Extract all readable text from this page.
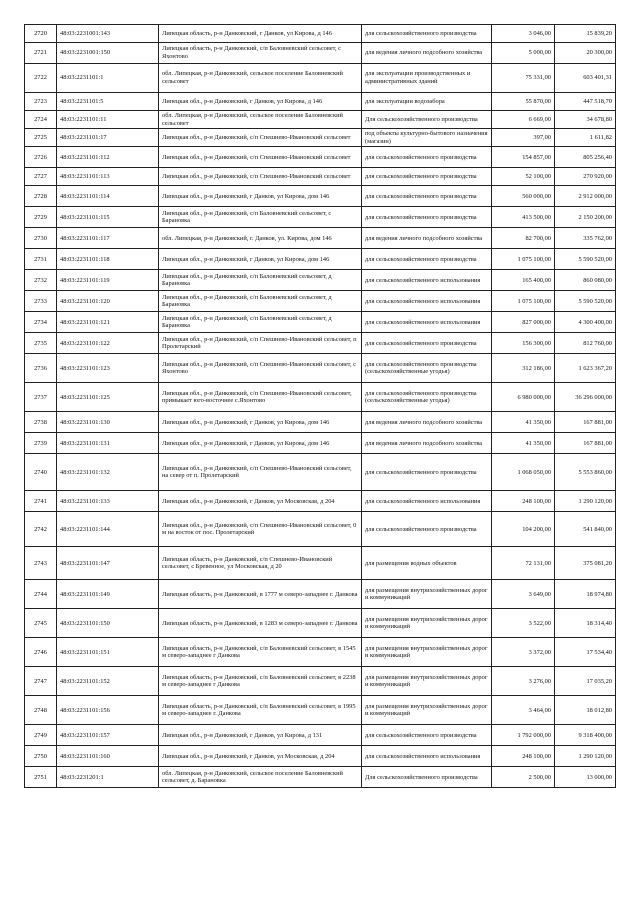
2720	48:03:2231001:143	Липецкая область, р-н Данковский, г Данков, ул Кирова, д 146	для сельскохозяйственного производства	3 046,00	15 839,20
2721	48:03:2231001:150	Липецкая область, р-н Данковский, с/п Баловневский сельсовет, с Яхонтово	для ведения личного подсобного хозяйства	5 000,00	20 300,00
2722	48:03:2231101:1	обл. Липецкая, р-н Данковский, сельское поселение Баловневский сельсовет	для эксплуатации производственных и административных зданий	75 331,00	603 401,31
2723	48:03:2231101:5	Липецкая обл., р-н Данковский, г Данков, ул Кирова, д 146	для эксплуатации водозабора	55 870,00	447 518,70
2724	48:03:2231101:11	обл. Липецкая, р-н Данковский, сельское поселение Баловневский сельсовет	Для сельскохозяйственного производства	6 669,00	34 678,80
2725	48:03:2231101:17	Липецкая обл., р-н Данковский, с/п Спешнево-Ивановский сельсовет	под объекты культурно-бытового назначения (магазин)	397,00	1 611,82
2726	48:03:2231101:112	Липецкая обл., р-н Данковский, с/п Спешнево-Ивановский сельсовет	для сельскохозяйственного производства	154 857,00	805 256,40
2727	48:03:2231101:113	Липецкая обл., р-н Данковский, с/п Спешнево-Ивановский сельсовет	для сельскохозяйственного производства	52 100,00	270 920,00
2728	48:03:2231101:114	Липецкая обл., р-н Данковский, г Данков, ул Кирова, дом 146	для сельскохозяйственного производства	560 000,00	2 912 000,00
2729	48:03:2231101:115	Липецкая обл., р-н Данковский, с/п Баловневский сельсовет, с Барановка	для сельскохозяйственного производства	413 500,00	2 150 200,00
2730	48:03:2231101:117	обл. Липецкая, р-н Данковский, г. Данков, ул. Кирова, дом 146	для ведения личного подсобного хозяйства	82 700,00	335 762,00
2731	48:03:2231101:118	Липецкая обл., р-н Данковский, г Данков, ул Кирова, дом 146	для сельскохозяйственного производства	1 075 100,00	5 590 520,00
2732	48:03:2231101:119	Липецкая обл., р-н Данковский, с/п Баловневский сельсовет, д Барановка	для сельскохозяйственного использования	165 400,00	860 080,00
2733	48:03:2231101:120	Липецкая обл., р-н Данковский, с/п Баловневский сельсовет, д Барановка	для сельскохозяйственного использования	1 075 100,00	5 590 520,00
2734	48:03:2231101:121	Липецкая обл., р-н Данковский, с/п Баловневский сельсовет, д Барановка	для сельскохозяйственного использования	827 000,00	4 300 400,00
2735	48:03:2231101:122	Липецкая обл., р-н Данковский, с/п Спешнево-Ивановский сельсовет, п Пролетарский	для сельскохозяйственного производства	156 300,00	812 760,00
2736	48:03:2231101:123	Липецкая обл., р-н Данковский, с/п Спешнево-Ивановский сельсовет, с Яхонтово	для сельскохозяйственного производства (сельскохозяйственные угодья)	312 186,00	1 623 367,20
2737	48:03:2231101:125	Липецкая обл., р-н Данковский, с/п Спешнево-Ивановский сельсовет, примыкает юго-восточнее с.Яхонтово	для сельскохозяйственного производства (сельскохозяйственные угодья)	6 980 000,00	36 296 000,00
2738	48:03:2231101:130	Липецкая обл., р-н Данковский, г Данков, ул Кирова, дом 146	для ведения личного подсобного хозяйства	41 350,00	167 881,00
2739	48:03:2231101:131	Липецкая обл., р-н Данковский, г Данков, ул Кирова, дом 146	для ведения личного подсобного хозяйства	41 350,00	167 881,00
2740	48:03:2231101:132	Липецкая обл., р-н Данковский, с/п Спешнево-Ивановский сельсовет, на север от п. Пролетарский	для сельскохозяйственного производства	1 068 050,00	5 553 860,00
2741	48:03:2231101:133	Липецкая обл., р-н Данковский, г Данков, ул Московская, д 204	для сельскохозяйственного использования	248 100,00	1 290 120,00
2742	48:03:2231101:144	Липецкая обл., р-н Данковский, с/п Спешнево-Ивановский сельсовет, 0 м на восток от пос. Пролетарский	для сельскохозяйственного производства	104 200,00	541 840,00
2743	48:03:2231101:147	Липецкая область, р-н Данковский, с/п Спешнево-Ивановский сельсовет, с Бревенное, ул Московская, д 20	для размещения водных объектов	72 131,00	375 081,20
2744	48:03:2231101:149	Липецкая область, р-н Данковский, в 1777 м северо-западнее г. Данкова	для размещения внутрихозяйственных дорог и коммуникаций	3 649,00	18 974,80
2745	48:03:2231101:150	Липецкая область, р-н Данковский, в 1283 м северо-западнее г. Данкова	для размещения внутрихозяйственных дорог и коммуникаций	3 522,00	18 314,40
2746	48:03:2231101:151	Липецкая область, р-н Данковский, с/п Баловневский сельсовет, в 1545 м северо-западнее г Данкова	для размещения внутрихозяйственных дорог и коммуникаций	3 372,00	17 534,40
2747	48:03:2231101:152	Липецкая область, р-н Данковский, с/п Баловневский сельсовет, в 2238 м северо-западнее г Данкова	для размещения внутрихозяйственных дорог и коммуникаций	3 276,00	17 035,20
2748	48:03:2231101:156	Липецкая область, р-н Данковский, с/п Баловневский сельсовет, в 1995 м северо-западнее г. Данкова	для размещения внутрихозяйственных дорог и коммуникаций	3 464,00	18 012,80
2749	48:03:2231101:157	Липецкая обл., р-н Данковский, г Данков, ул Кирова, д 131	для сельскохозяйственного производства	1 792 000,00	9 318 400,00
2750	48:03:2231101:160	Липецкая обл., р-н Данковский, г Данков, ул Московская, д 204	для сельскохозяйственного использования	248 100,00	1 290 120,00
2751	48:03:2231201:1	обл. Липецкая, р-н Данковский, сельское поселение Баловневский сельсовет, д. Барановка	Для сельскохозяйственного производства	2 500,00	13 000,00
